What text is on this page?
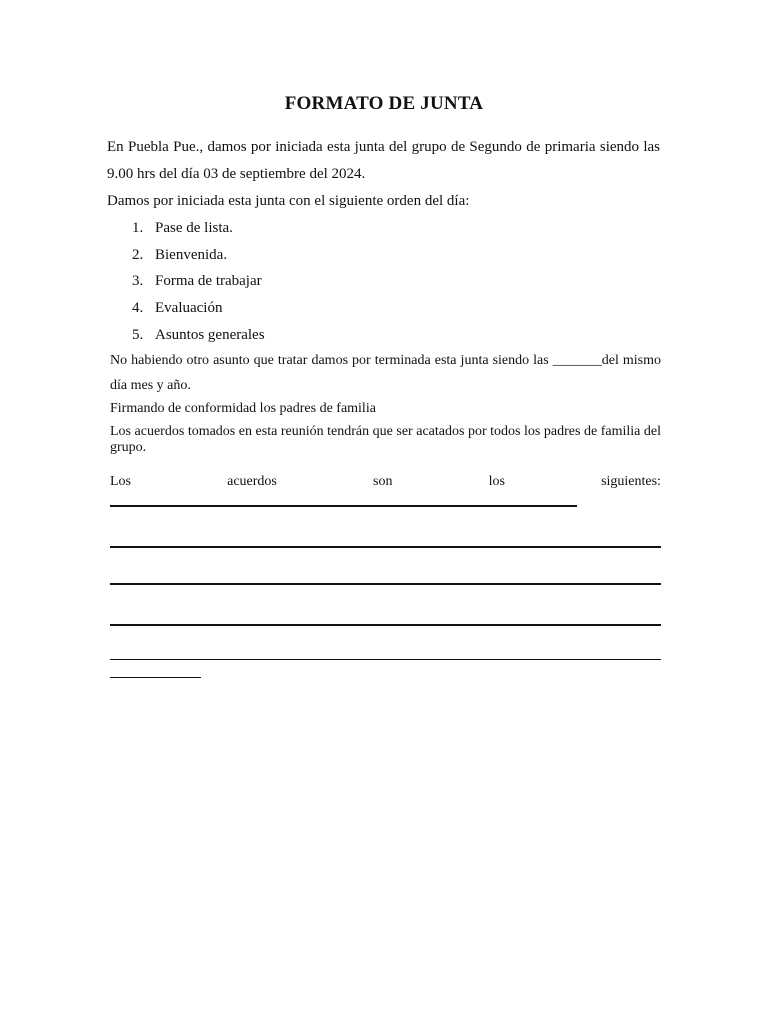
FORMATO DE JUNTA
En Puebla Pue., damos por iniciada esta junta del grupo de Segundo de primaria siendo las 9.00 hrs del día 03 de septiembre del 2024.
Damos por iniciada esta junta con el siguiente orden del día:
1. Pase de lista.
2. Bienvenida.
3. Forma de trabajar
4. Evaluación
5. Asuntos generales
No habiendo otro asunto que tratar damos por terminada esta junta siendo las _______del mismo día mes y año.
Firmando de conformidad los padres de familia
Los acuerdos tomados en esta reunión tendrán que ser acatados por todos los padres de familia del grupo.
Los	acuerdos	son	los	siguientes:
